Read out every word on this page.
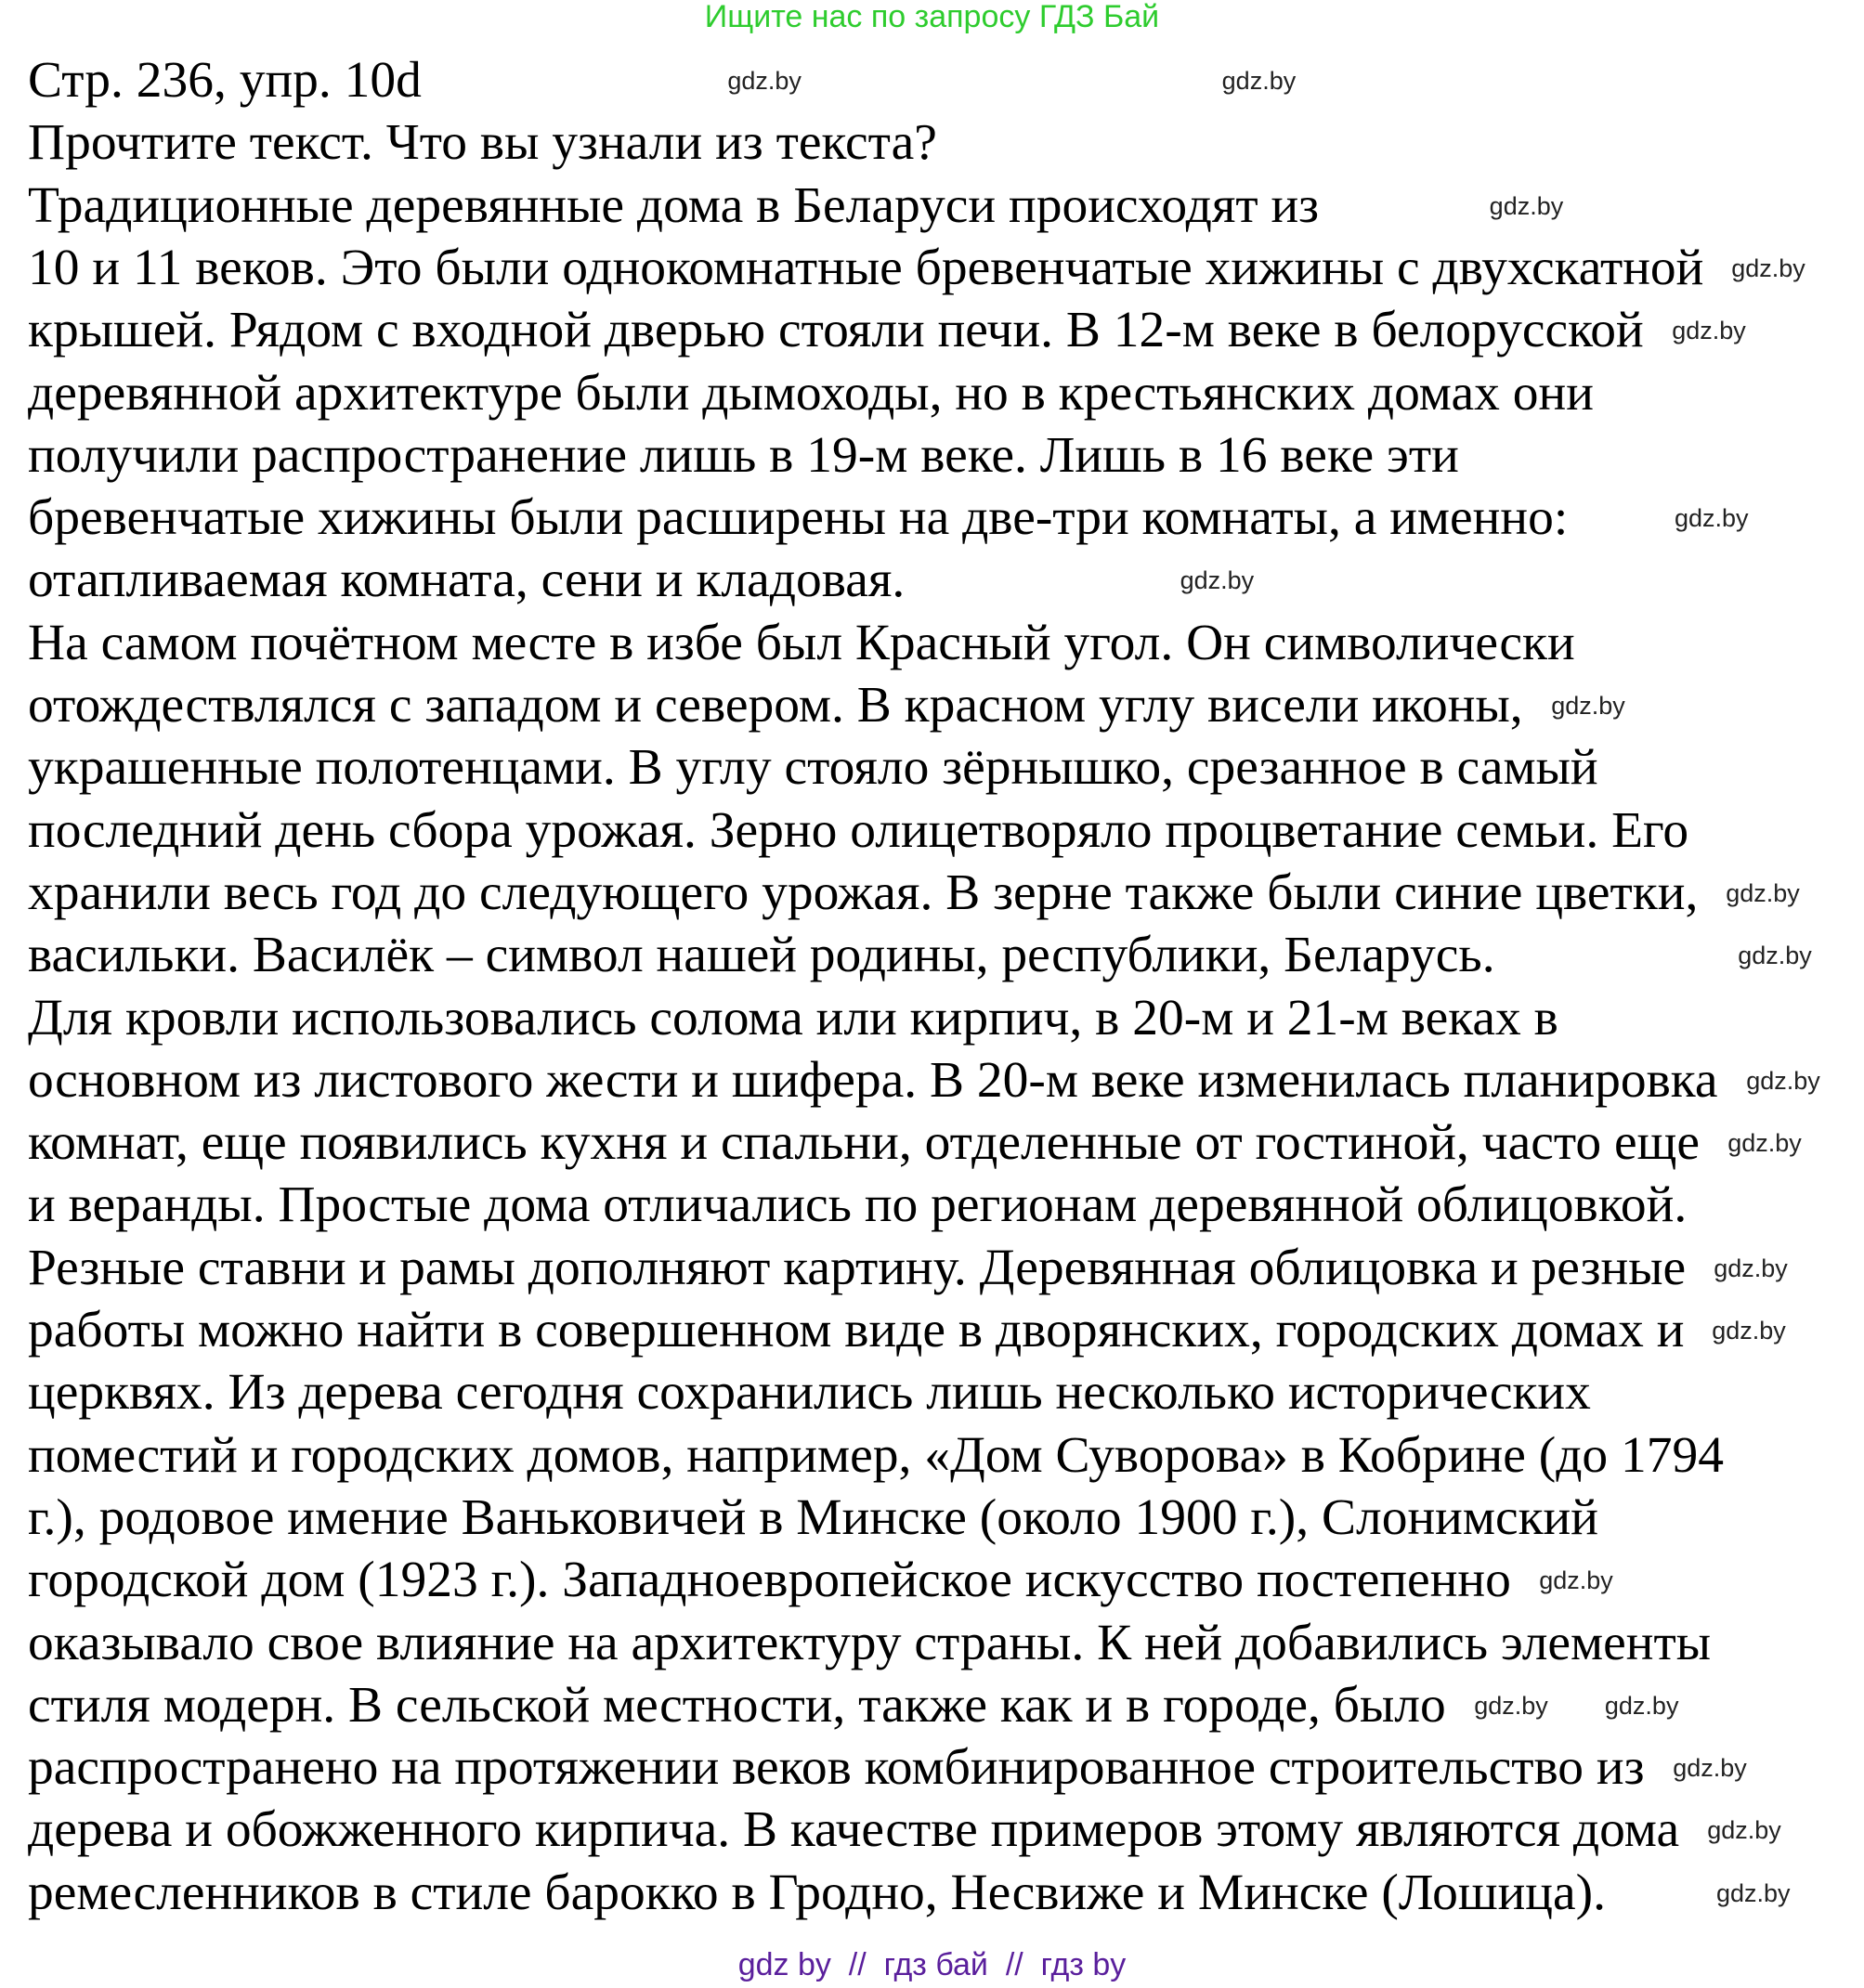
Ищите нас по запросу ГДЗ Бай
Стр. 236, упр. 10d
Прочтите текст. Что вы узнали из текста?
Традиционные деревянные дома в Беларуси происходят из
10 и 11 веков. Это были однокомнатные бревенчатые хижины с двухскатной
крышей. Рядом с входной дверью стояли печи. В 12-м веке в белорусской
деревянной архитектуре были дымоходы, но в крестьянских домах они
получили распространение лишь в 19-м веке. Лишь в 16 веке эти
бревенчатые хижины были расширены на две-три комнаты, а именно:
отапливаемая комната, сени и кладовая.
На самом почётном месте в избе был Красный угол. Он символически
отождествлялся с западом и севером. В красном углу висели иконы,
украшенные полотенцами. В углу стояло зёрнышко, срезанное в самый
последний день сбора урожая. Зерно олицетворяло процветание семьи. Его
хранили весь год до следующего урожая. В зерне также были синие цветки,
васильки. Василёк – символ нашей родины, республики, Беларусь.
Для кровли использовались солома или кирпич, в 20-м и 21-м веках в
основном из листового жести и шифера. В 20-м веке изменилась планировка
комнат, еще появились кухня и спальни, отделенные от гостиной, часто еще
и веранды. Простые дома отличались по регионам деревянной облицовкой.
Резные ставни и рамы дополняют картину. Деревянная облицовка и резные
работы можно найти в совершенном виде в дворянских, городских домах и
церквях. Из дерева сегодня сохранились лишь несколько исторических
поместий и городских домов, например, «Дом Суворова» в Кобрине (до 1794
г.), родовое имение Ваньковичей в Минске (около 1900 г.), Слонимский
городской дом (1923 г.). Западноевропейское искусство постепенно
оказывало свое влияние на архитектуру страны. К ней добавились элементы
стиля модерн. В сельской местности, также как и в городе, было
распространено на протяжении веков комбинированное строительство из
дерева и обожженного кирпича. В качестве примеров этому являются дома
ремесленников в стиле барокко в Гродно, Несвиже и Минске (Лошица).
gdz.by
gdz.by
gdz.by
gdz.by
gdz.by
gdz.by
gdz.by
gdz.by
gdz.by
gdz.by
gdz.by
gdz.by
gdz.by
gdz.by
gdz.by
gdz.by
gdz.by
gdz.by
gdz.by
gdz.by
gdz by  //  гдз бай  //  гдз by
